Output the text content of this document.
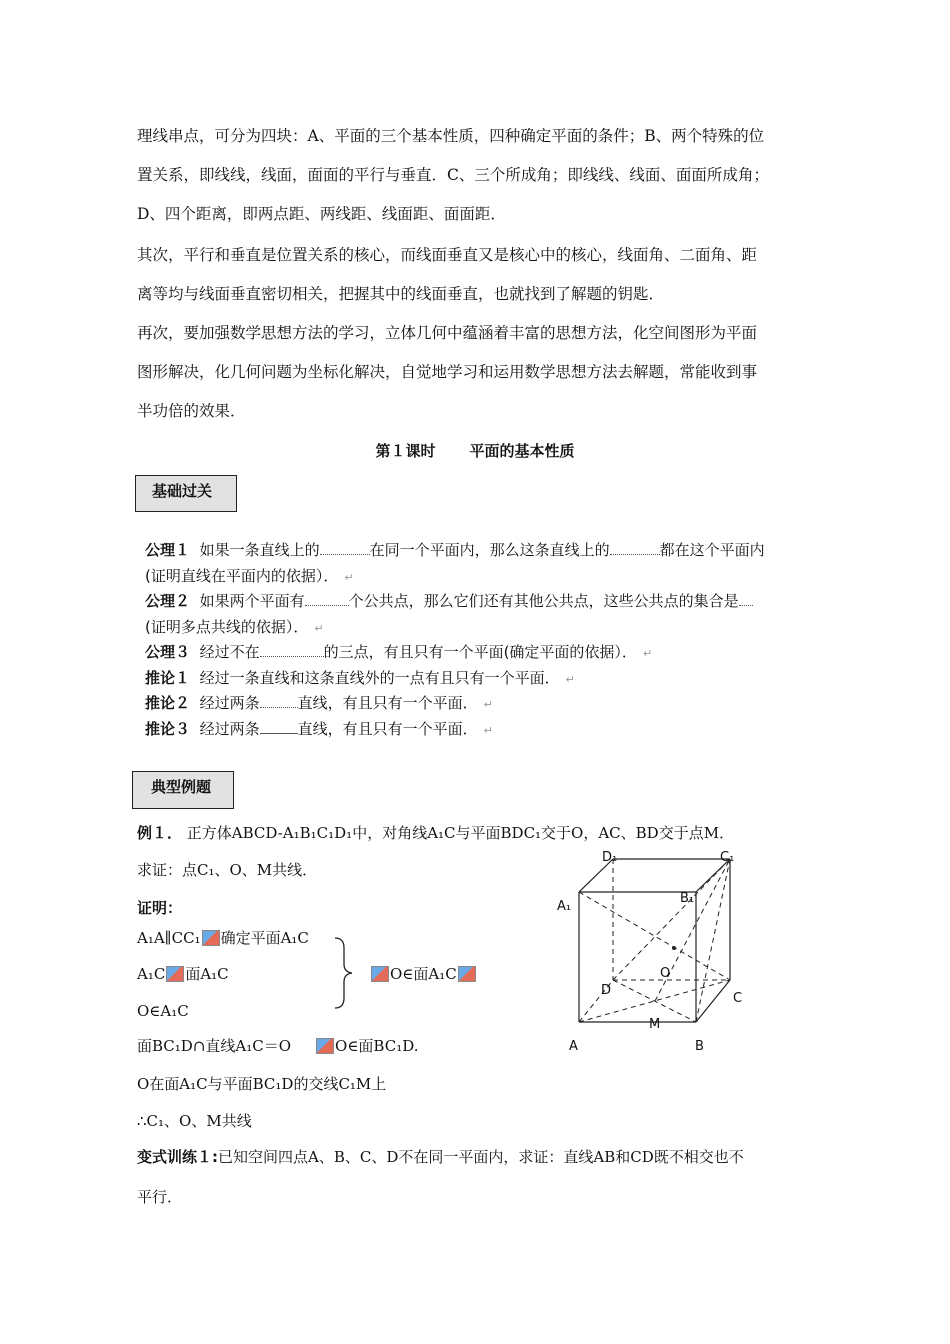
理线串点，可分为四块：A、平面的三个基本性质，四种确定平面的条件；B、两个特殊的位
置关系，即线线，线面，面面的平行与垂直．C、三个所成角；即线线、线面、面面所成角；
D、四个距离，即两点距、两线距、线面距、面面距．

其次，平行和垂直是位置关系的核心，而线面垂直又是核心中的核心，线面角、二面角、距
离等均与线面垂直密切相关，把握其中的线面垂直，也就找到了解题的钥匙．

再次，要加强数学思想方法的学习，立体几何中蕴涵着丰富的思想方法，化空间图形为平面
图形解决，化几何问题为坐标化解决，自觉地学习和运用数学思想方法去解题，常能收到事
半功倍的效果．

第１课时 平面的基本性质
基础过关
公理１ 如果一条直线上的	在同一个平面内，那么这条直线上的	都在这个平面内
(证明直线在平面内的依据）． ↵
公理２ 如果两个平面有	个公共点，那么它们还有其他公共点，这些公共点的集合是
(证明多点共线的依据）． ↵
公理３ 经过不在	的三点，有且只有一个平面(确定平面的依据）． ↵
推论１ 经过一条直线和这条直线外的一点有且只有一个平面． ↵
推论２ 经过两条	直线，有且只有一个平面． ↵
推论３ 经过两条	直线，有且只有一个平面． ↵
典型例题
例１． 正方体ABCD-A₁B₁C₁D₁中，对角线A₁C与平面BDC₁交于O，AC、BD交于点M．
求证：点C₁、O、M共线．
证明：
A₁A∥CC₁ 确定平面A₁C
A₁C 面A₁C
O∈A₁C
O∈面A₁C
面BC₁D∩直线A₁C＝O	O∈面BC₁D.
O在面A₁C与平面BC₁D的交线C₁M上
∴C₁、O、M共线
变式训练１:已知空间四点A、B、C、D不在同一平面内，求证：直线AB和CD既不相交也不
平行．
D₁	C₁
B₁
A₁
O
D
C
M
A	B
